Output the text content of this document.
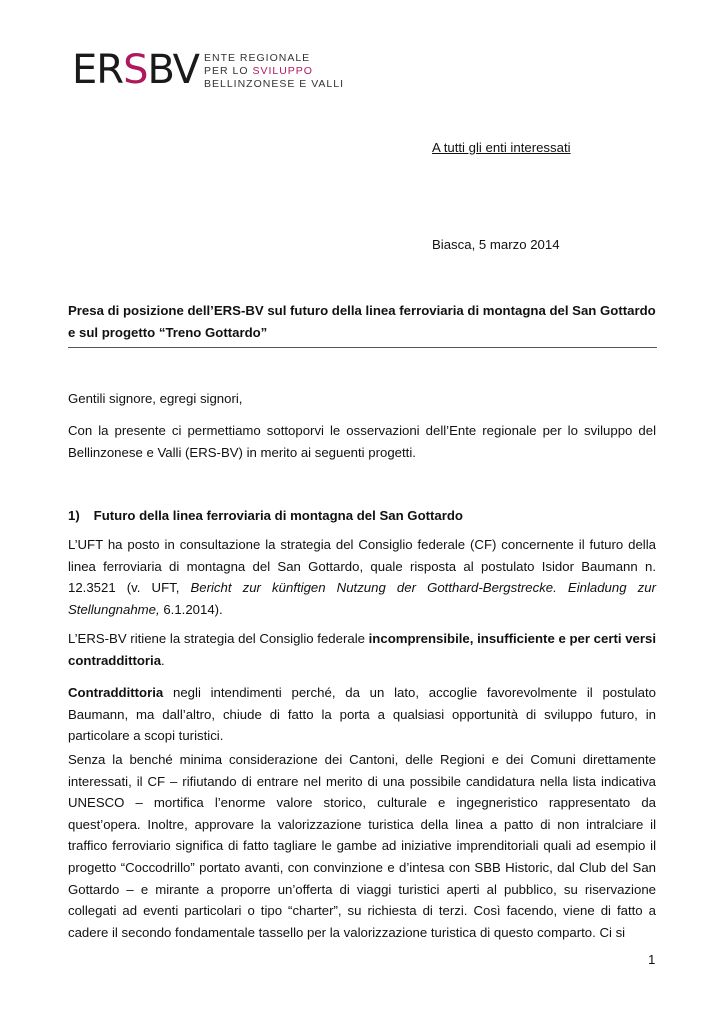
ERSBV ENTE REGIONALE
PER LO SVILUPPO
BELLINZONESE E VALLI
A tutti gli enti interessati
Biasca, 5 marzo 2014
Presa di posizione dell’ERS-BV sul futuro della linea ferroviaria di montagna del San Gottardo e sul progetto “Treno Gottardo”

Gentili signore, egregi signori,

Con la presente ci permettiamo sottoporvi le osservazioni dell’Ente regionale per lo sviluppo del Bellinzonese e Valli (ERS-BV) in merito ai seguenti progetti.

1) Futuro della linea ferroviaria di montagna del San Gottardo

L’UFT ha posto in consultazione la strategia del Consiglio federale (CF) concernente il futuro della linea ferroviaria di montagna del San Gottardo, quale risposta al postulato Isidor Baumann n. 12.3521 (v. UFT, Bericht zur künftigen Nutzung der Gotthard-Bergstrecke. Einladung zur Stellungnahme, 6.1.2014).

L’ERS-BV ritiene la strategia del Consiglio federale incomprensibile, insufficiente e per certi versi contraddittoria.

Contraddittoria negli intendimenti perché, da un lato, accoglie favorevolmente il postulato Baumann, ma dall’altro, chiude di fatto la porta a qualsiasi opportunità di sviluppo futuro, in particolare a scopi turistici.

Senza la benché minima considerazione dei Cantoni, delle Regioni e dei Comuni direttamente interessati, il CF – rifiutando di entrare nel merito di una possibile candidatura nella lista indicativa UNESCO – mortifica l’enorme valore storico, culturale e ingegneristico rappresentato da quest’opera. Inoltre, approvare la valorizzazione turistica della linea a patto di non intralciare il traffico ferroviario significa di fatto tagliare le gambe ad iniziative imprenditoriali quali ad esempio il progetto “Coccodrillo” portato avanti, con convinzione e d’intesa con SBB Historic, dal Club del San Gottardo – e mirante a proporre un’offerta di viaggi turistici aperti al pubblico, su riservazione collegati ad eventi particolari o tipo “charter”, su richiesta di terzi. Così facendo, viene di fatto a cadere il secondo fondamentale tassello per la valorizzazione turistica di questo comparto. Ci si

1
